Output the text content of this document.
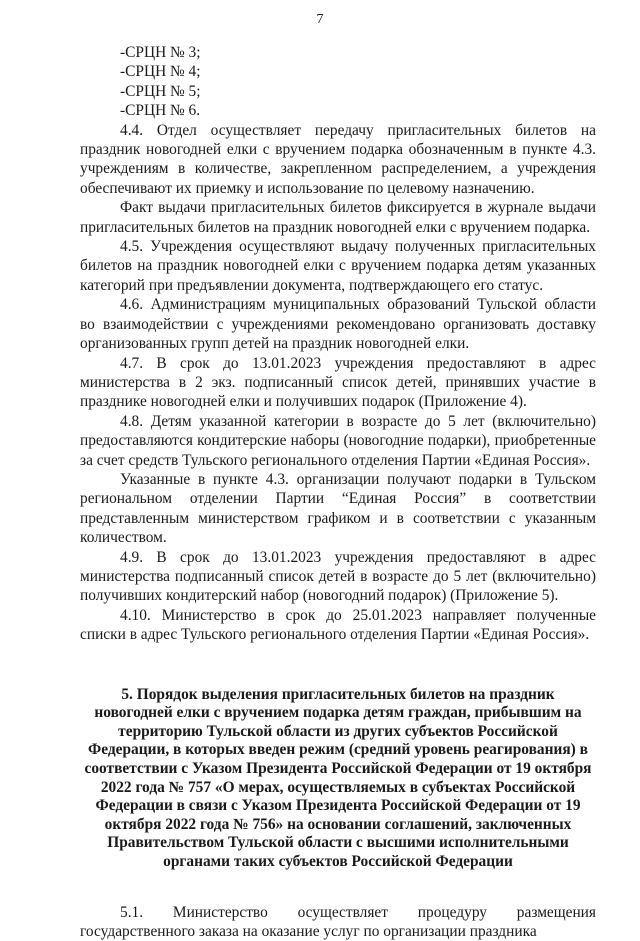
7

-СРЦН № 3;

-СРЦН № 4;

-СРЦН № 5;

-СРЦН № 6.

4.4. Отдел осуществляет передачу пригласительных билетов на праздник новогодней елки с вручением подарка обозначенным в пункте 4.3. учреждениям в количестве, закрепленном распределением, а учреждения обеспечивают их приемку и использование по целевому назначению.

Факт выдачи пригласительных билетов фиксируется в журнале выдачи пригласительных билетов на праздник новогодней елки с вручением подарка.

4.5. Учреждения осуществляют выдачу полученных пригласительных билетов на праздник новогодней елки с вручением подарка детям указанных категорий при предъявлении документа, подтверждающего его статус.

4.6. Администрациям муниципальных образований Тульской области во взаимодействии с учреждениями рекомендовано организовать доставку организованных групп детей на праздник новогодней елки.

4.7. В срок до 13.01.2023 учреждения предоставляют в адрес министерства в 2 экз. подписанный список детей, принявших участие в празднике новогодней елки и получивших подарок (Приложение 4).

4.8. Детям указанной категории в возрасте до 5 лет (включительно) предоставляются кондитерские наборы (новогодние подарки), приобретенные за счет средств Тульского регионального отделения Партии «Единая Россия».

Указанные в пункте 4.3. организации получают подарки в Тульском региональном отделении Партии “Единая Россия” в соответствии представленным министерством графиком и в соответствии с указанным количеством.

4.9. В срок до 13.01.2023 учреждения предоставляют в адрес министерства подписанный список детей в возрасте до 5 лет (включительно) получивших кондитерский набор (новогодний подарок) (Приложение 5).

4.10. Министерство в срок до 25.01.2023 направляет полученные списки в адрес Тульского регионального отделения Партии «Единая Россия».

5. Порядок выделения пригласительных билетов на праздник новогодней елки с вручением подарка детям граждан, прибывшим на территорию Тульской области из других субъектов Российской Федерации, в которых введен режим (средний уровень реагирования) в соответствии с Указом Президента Российской Федерации от 19 октября 2022 года № 757 «О мерах, осуществляемых в субъектах Российской Федерации в связи с Указом Президента Российской Федерации от 19 октября 2022 года № 756» на основании соглашений, заключенных Правительством Тульской области с высшими исполнительными органами таких субъектов Российской Федерации

5.1. Министерство осуществляет процедуру размещения государственного заказа на оказание услуг по организации праздника
